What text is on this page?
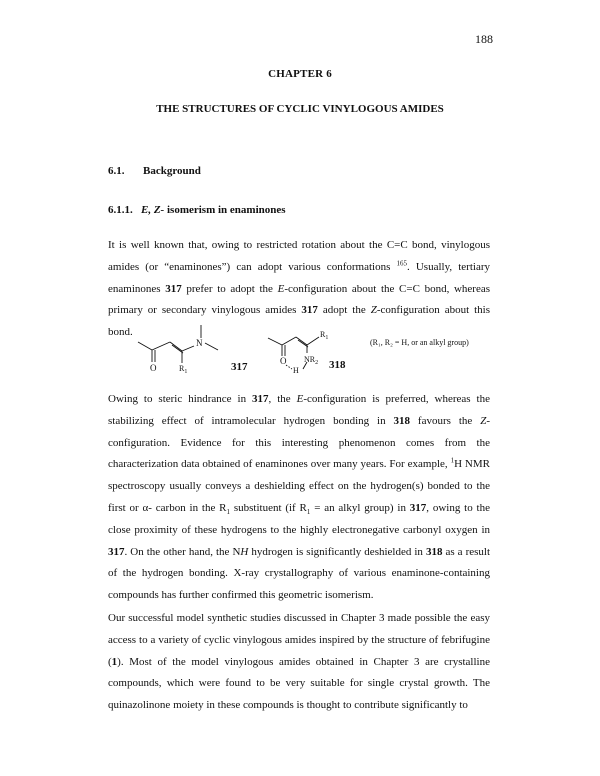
188
CHAPTER 6
THE STRUCTURES OF CYCLIC VINYLOGOUS AMIDES
6.1. Background
6.1.1. E, Z- isomerism in enaminones

It is well known that, owing to restricted rotation about the C=C bond, vinylogous amides (or “enaminones”) can adopt various conformations $^{165}$. Usually, tertiary enaminones 317 prefer to adopt the E-configuration about the C=C bond, whereas primary or secondary vinylogous amides 317 adopt the Z-configuration about this bond.

O
N
$R_1$	317	O
H
$R_1$
$NR_2$ 318
(R₁, R₂ = H, or an alkyl group)

Owing to steric hindrance in 317, the E-configuration is preferred, whereas the stabilizing effect of intramolecular hydrogen bonding in 318 favours the Z-configuration. Evidence for this interesting phenomenon comes from the characterization data obtained of enaminones over many years. For example, $^1$H NMR spectroscopy usually conveys a deshielding effect on the hydrogen(s) bonded to the first or α- carbon in the $R_1$ substituent (if $R_1$ = an alkyl group) in 317, owing to the close proximity of these hydrogens to the highly electronegative carbonyl oxygen in 317. On the other hand, the NH hydrogen is significantly deshielded in 318 as a result of the hydrogen bonding. X-ray crystallography of various enaminone-containing compounds has further confirmed this geometric isomerism.

Our successful model synthetic studies discussed in Chapter 3 made possible the easy access to a variety of cyclic vinylogous amides inspired by the structure of febrifugine (1). Most of the model vinylogous amides obtained in Chapter 3 are crystalline compounds, which were found to be very suitable for single crystal growth. The quinazolinone moiety in these compounds is thought to contribute significantly to
